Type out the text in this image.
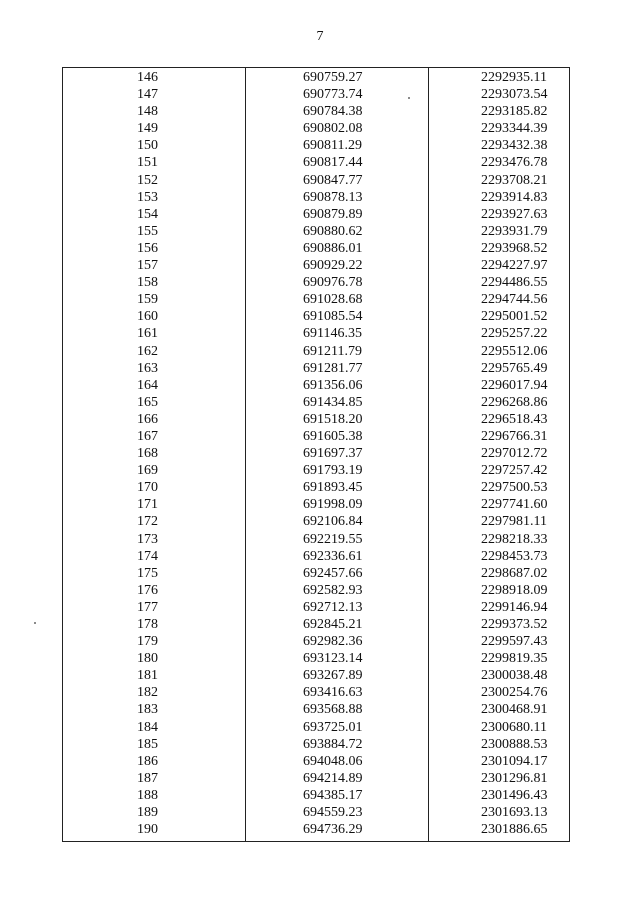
7
146
147
148
149
150
151
152
153
154
155
156
157
158
159
160
161
162
163
164
165
166
167
168
169
170
171
172
173
174
175
176
177
178
179
180
181
182
183
184
185
186
187
188
189
190
690759.27
690773.74
690784.38
690802.08
690811.29
690817.44
690847.77
690878.13
690879.89
690880.62
690886.01
690929.22
690976.78
691028.68
691085.54
691146.35
691211.79
691281.77
691356.06
691434.85
691518.20
691605.38
691697.37
691793.19
691893.45
691998.09
692106.84
692219.55
692336.61
692457.66
692582.93
692712.13
692845.21
692982.36
693123.14
693267.89
693416.63
693568.88
693725.01
693884.72
694048.06
694214.89
694385.17
694559.23
694736.29
2292935.11
2293073.54
2293185.82
2293344.39
2293432.38
2293476.78
2293708.21
2293914.83
2293927.63
2293931.79
2293968.52
2294227.97
2294486.55
2294744.56
2295001.52
2295257.22
2295512.06
2295765.49
2296017.94
2296268.86
2296518.43
2296766.31
2297012.72
2297257.42
2297500.53
2297741.60
2297981.11
2298218.33
2298453.73
2298687.02
2298918.09
2299146.94
2299373.52
2299597.43
2299819.35
2300038.48
2300254.76
2300468.91
2300680.11
2300888.53
2301094.17
2301296.81
2301496.43
2301693.13
2301886.65
